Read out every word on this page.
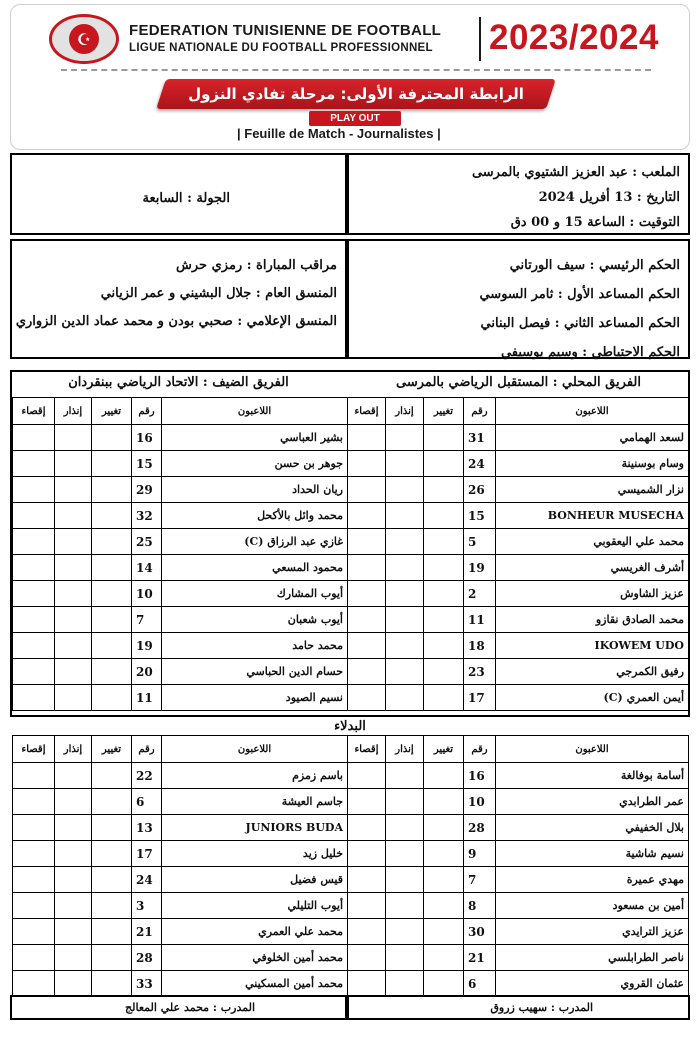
☪	FEDERATION TUNISIENNE DE FOOTBALL
LIGUE NATIONALE DU FOOTBALL PROFESSIONNEL 2023/2024
الرابطة المحترفة الأولى: مرحلة تفادي النزول
PLAY OUT
| Feuille de Match - Journalistes |
الجولة : السابعة
الملعب : عبد العزيز الشتيوي بالمرسى
التاريخ : 13 أفريل 2024
التوقيت : الساعة 15 و 00 دق
مراقب المباراة : رمزي حرش
المنسق العام : جلال البشيني و عمر الزياني
المنسق الإعلامي : صحبي بودن و محمد عماد الدين الزواري
الحكم الرئيسي : سيف الورتاني
الحكم المساعد الأول : ثامر السوسي
الحكم المساعد الثاني : فيصل البناني
الحكم الاحتياطي : وسيم يوسيفي
الفريق الضيف : الاتحاد الرياضي ببنقردان	الفريق المحلي : المستقبل الرياضي بالمرسى
إقصاء	إنذار	تغيير	رقم	اللاعبون
			16	بشير العباسي
			15	جوهر بن حسن
			29	ريان الحداد
			32	محمد وائل بالأكحل
			25	غازي عبد الرزاق (C)
			14	محمود المسعي
			10	أيوب المشارك
			7	أيوب شعبان
			19	محمد حامد
			20	حسام الدين الحباسي
			11	نسيم الصيود
إقصاء	إنذار	تغيير	رقم	اللاعبون
			31	لسعد الهمامي
			24	وسام بوسنينة
			26	نزار الشميسي
			15	BONHEUR MUSECHA
			5	محمد علي اليعقوبي
			19	أشرف الغريسي
			2	عزيز الشاوش
			11	محمد الصادق نقازو
			18	IKOWEM UDO
			23	رفيق الكمرجي
			17	أيمن العمري (C)
البدلاء
إقصاء	إنذار	تغيير	رقم	اللاعبون
			22	باسم زمزم
			6	جاسم العيشة
			13	JUNIORS BUDA
			17	خليل زيد
			24	قيس فضيل
			3	أيوب التليلي
			21	محمد علي العمري
			28	محمد أمين الخلوفي
			33	محمد أمين المسكيني
إقصاء	إنذار	تغيير	رقم	اللاعبون
			16	أسامة بوفالغة
			10	عمر الطرابدي
			28	بلال الخفيفي
			9	نسيم شاشية
			7	مهدي عميرة
			8	أمين بن مسعود
			30	عزيز الترايدي
			21	ناصر الطرابلسي
			6	عثمان القروي
المدرب : محمد علي المعالج	المدرب : سهيب زروق
